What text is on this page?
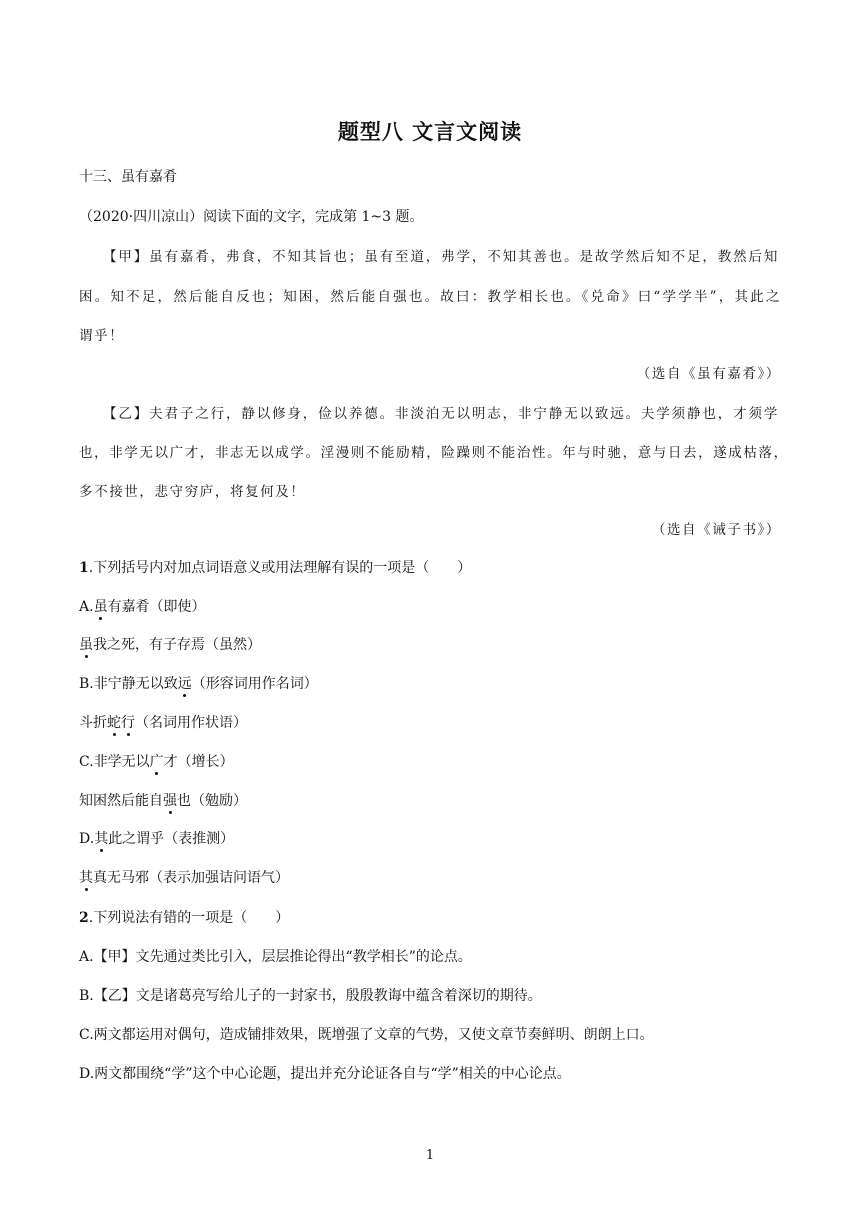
题型八 文言文阅读
十三、虽有嘉肴
（2020·四川凉山）阅读下面的文字，完成第 1~3 题。
【甲】虽有嘉肴，弗食，不知其旨也；虽有至道，弗学，不知其善也。是故学然后知不足，教然后知
困。知不足，然后能自反也；知困，然后能自强也。故曰：教学相长也。《兑命》曰“学学半”，其此之
谓乎！
（选自《虽有嘉肴》）
【乙】夫君子之行，静以修身，俭以养德。非淡泊无以明志，非宁静无以致远。夫学须静也，才须学
也，非学无以广才，非志无以成学。淫漫则不能励精，险躁则不能治性。年与时驰，意与日去，遂成枯落，
多不接世，悲守穷庐，将复何及！
（选自《诫子书》）
1.下列括号内对加点词语意义或用法理解有误的一项是（　　）
A.虽有嘉肴（即使）
虽我之死，有子存焉（虽然）
B.非宁静无以致远（形容词用作名词）
斗折蛇行（名词用作状语）
C.非学无以广才（增长）
知困然后能自强也（勉励）
D.其此之谓乎（表推测）
其真无马邪（表示加强诘问语气）
2.下列说法有错的一项是（　　）
A.【甲】文先通过类比引入，层层推论得出“教学相长”的论点。
B.【乙】文是诸葛亮写给儿子的一封家书，殷殷教诲中蕴含着深切的期待。
C.两文都运用对偶句，造成铺排效果，既增强了文章的气势，又使文章节奏鲜明、朗朗上口。
D.两文都围绕“学”这个中心论题，提出并充分论证各自与“学”相关的中心论点。
1
